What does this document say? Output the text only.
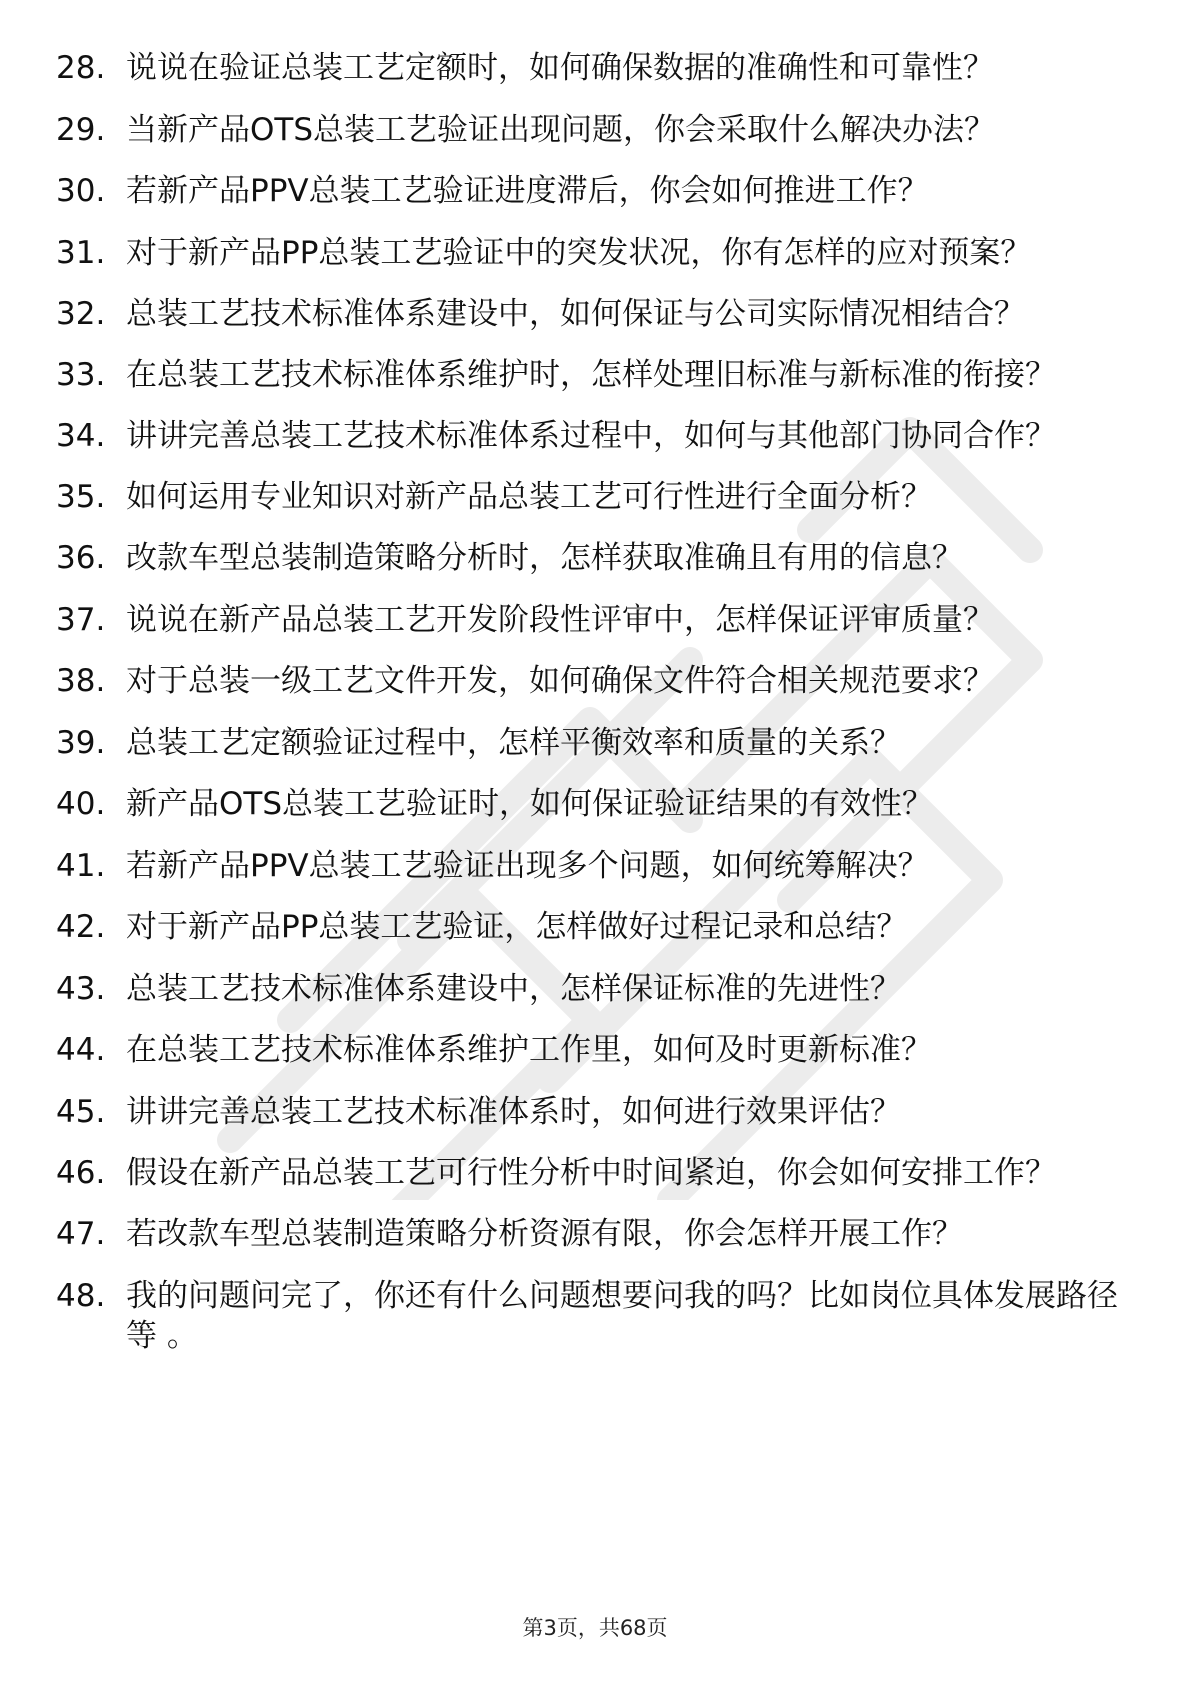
28. 说说在验证总装工艺定额时，如何确保数据的准确性和可靠性？
29. 当新产品OTS总装工艺验证出现问题，你会采取什么解决办法？
30. 若新产品PPV总装工艺验证进度滞后，你会如何推进工作？
31. 对于新产品PP总装工艺验证中的突发状况，你有怎样的应对预案？
32. 总装工艺技术标准体系建设中，如何保证与公司实际情况相结合？
33. 在总装工艺技术标准体系维护时，怎样处理旧标准与新标准的衔接？
34. 讲讲完善总装工艺技术标准体系过程中，如何与其他部门协同合作？
35. 如何运用专业知识对新产品总装工艺可行性进行全面分析？
36. 改款车型总装制造策略分析时，怎样获取准确且有用的信息？
37. 说说在新产品总装工艺开发阶段性评审中，怎样保证评审质量？
38. 对于总装一级工艺文件开发，如何确保文件符合相关规范要求？
39. 总装工艺定额验证过程中，怎样平衡效率和质量的关系？
40. 新产品OTS总装工艺验证时，如何保证验证结果的有效性？
41. 若新产品PPV总装工艺验证出现多个问题，如何统筹解决？
42. 对于新产品PP总装工艺验证，怎样做好过程记录和总结？
43. 总装工艺技术标准体系建设中，怎样保证标准的先进性？
44. 在总装工艺技术标准体系维护工作里，如何及时更新标准？
45. 讲讲完善总装工艺技术标准体系时，如何进行效果评估？
46. 假设在新产品总装工艺可行性分析中时间紧迫，你会如何安排工作？
47. 若改款车型总装制造策略分析资源有限，你会怎样开展工作？
48. 我的问题问完了，你还有什么问题想要问我的吗？比如岗位具体发展路径等 。
第3页，共68页
